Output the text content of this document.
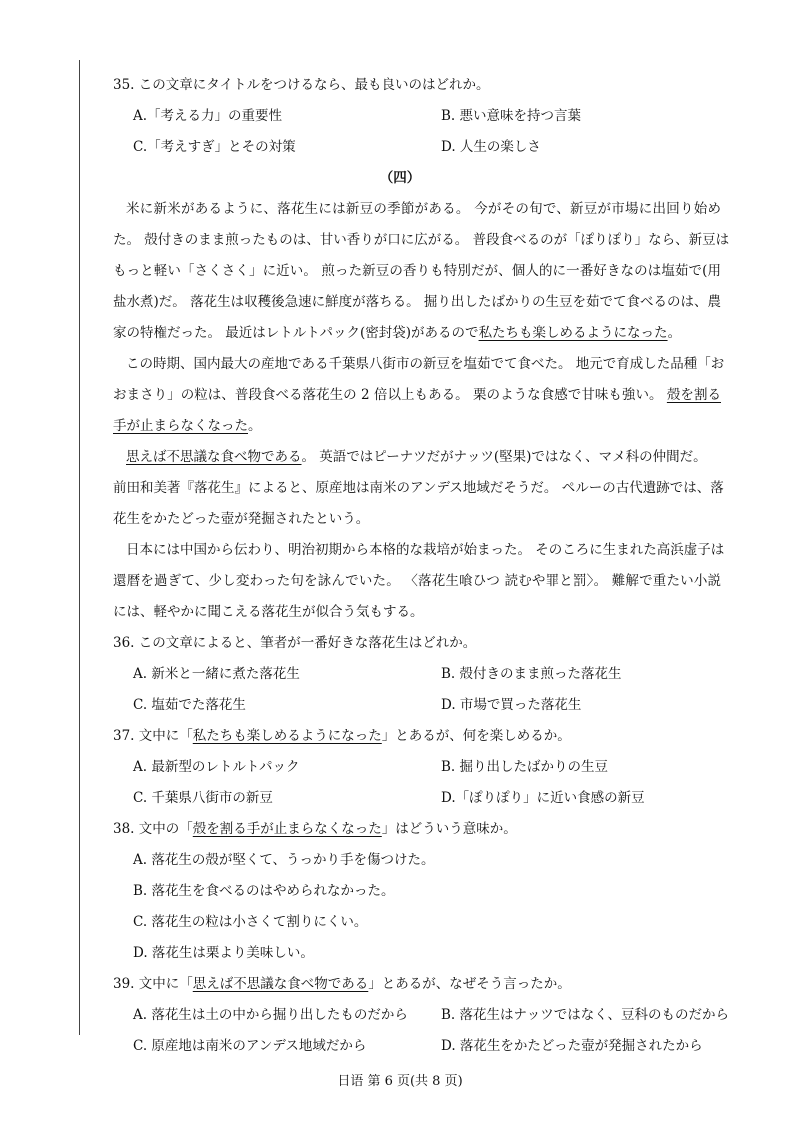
35. この文章にタイトルをつけるなら、最も良いのはどれか。
A.「考える力」の重要性	B. 悪い意味を持つ言葉
C.「考えすぎ」とその対策	D. 人生の楽しさ
（四）
米に新米があるように、落花生には新豆の季節がある。 今がその旬で、新豆が市場に出回り始め
た。 殻付きのまま煎ったものは、甘い香りが口に広がる。 普段食べるのが「ぽりぽり」なら、新豆は
もっと軽い「さくさく」に近い。 煎った新豆の香りも特別だが、個人的に一番好きなのは塩茹で(用
盐水煮)だ。 落花生は収穫後急速に鮮度が落ちる。 掘り出したばかりの生豆を茹でて食べるのは、農
家の特権だった。 最近はレトルトパック(密封袋)があるので私たちも楽しめるようになった。
この時期、国内最大の産地である千葉県八街市の新豆を塩茹でて食べた。 地元で育成した品種「お
おまさり」の粒は、普段食べる落花生の 2 倍以上もある。 栗のような食感で甘味も強い。 殻を割る
手が止まらなくなった。
思えば不思議な食べ物である。 英語ではピーナツだがナッツ(堅果)ではなく、マメ科の仲間だ。
前田和美著『落花生』によると、原産地は南米のアンデス地域だそうだ。 ペルーの古代遺跡では、落
花生をかたどった壺が発掘されたという。
日本には中国から伝わり、明治初期から本格的な栽培が始まった。 そのころに生まれた高浜虚子は
還暦を過ぎて、少し変わった句を詠んでいた。 〈落花生喰ひつ 読むや罪と罰〉。 難解で重たい小説
には、軽やかに聞こえる落花生が似合う気もする。
36. この文章によると、筆者が一番好きな落花生はどれか。
A. 新米と一緒に煮た落花生	B. 殻付きのまま煎った落花生
C. 塩茹でた落花生	D. 市場で買った落花生
37. 文中に「私たちも楽しめるようになった」とあるが、何を楽しめるか。
A. 最新型のレトルトパック	B. 掘り出したばかりの生豆
C. 千葉県八街市の新豆	D.「ぽりぽり」に近い食感の新豆
38. 文中の「殻を割る手が止まらなくなった」はどういう意味か。
A. 落花生の殻が堅くて、うっかり手を傷つけた。
B. 落花生を食べるのはやめられなかった。
C. 落花生の粒は小さくて割りにくい。
D. 落花生は栗より美味しい。
39. 文中に「思えば不思議な食べ物である」とあるが、なぜそう言ったか。
A. 落花生は土の中から掘り出したものだから B. 落花生はナッツではなく、豆科のものだから
C. 原産地は南米のアンデス地域だから	D. 落花生をかたどった壺が発掘されたから
日语 第 6 页(共 8 页)
